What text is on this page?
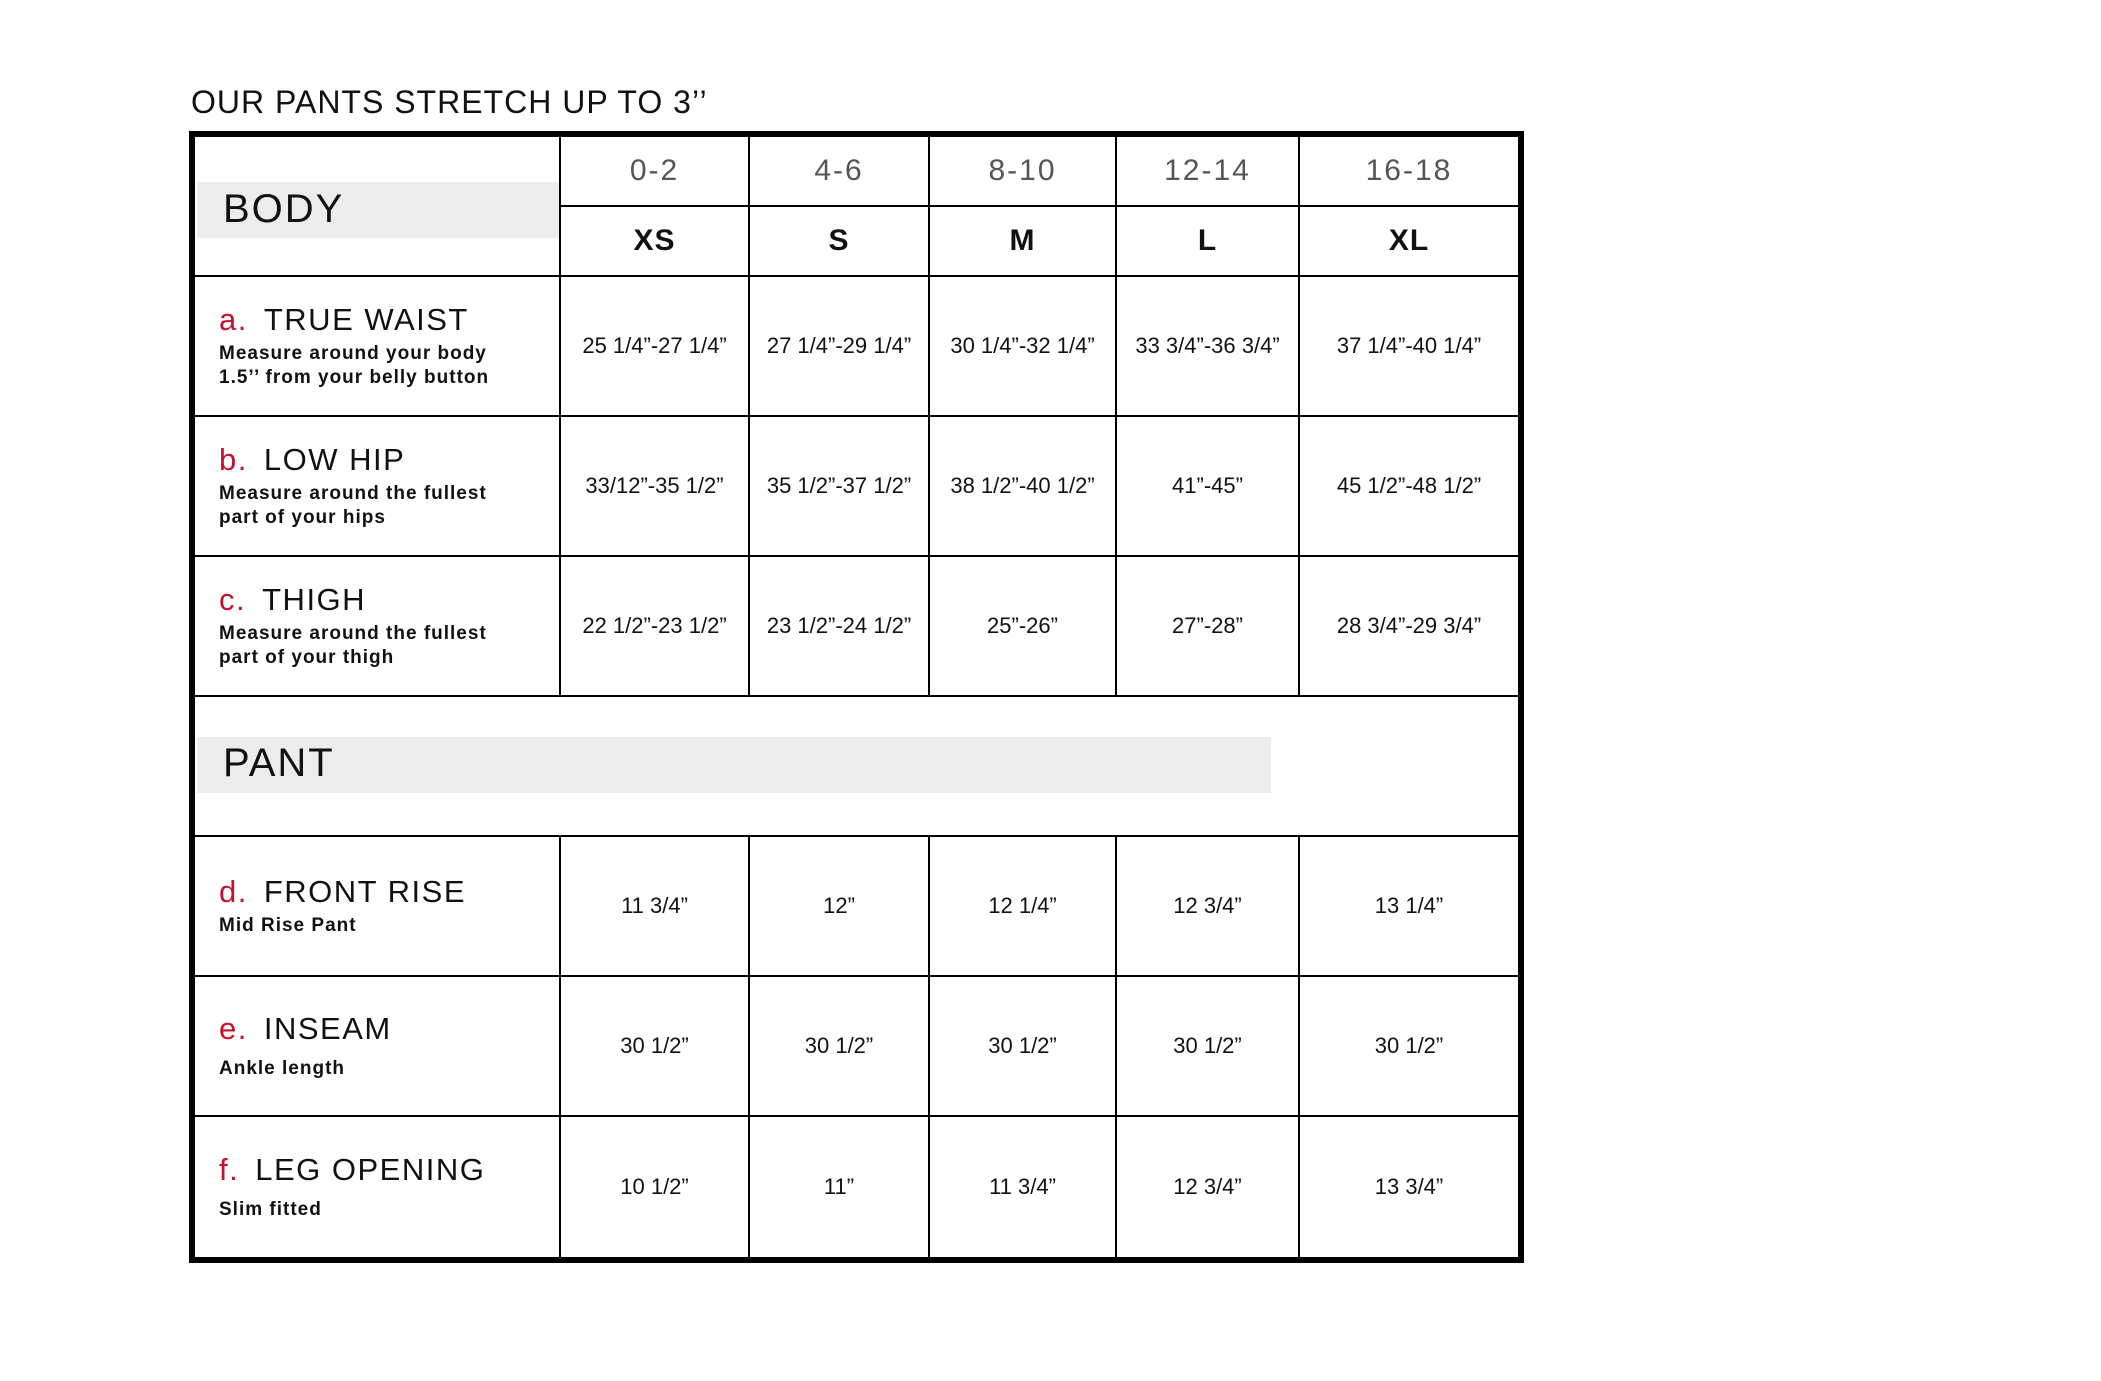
OUR PANTS STRETCH UP TO 3’’
BODY	0-2	4-6	8-10	12-14	16-18
	XS	S	M	L	XL

a. TRUE WAIST
Measure around your body 1.5’’ from your belly button	25 1/4”-27 1/4”	27 1/4”-29 1/4”	30 1/4”-32 1/4”	33 3/4”-36 3/4”	37 1/4”-40 1/4”

b. LOW HIP
Measure around the fullest part of your hips	33/12”-35 1/2”	35 1/2”-37 1/2”	38 1/2”-40 1/2”	41”-45”	45 1/2”-48 1/2”

c. THIGH
Measure around the fullest part of your thigh	22 1/2”-23 1/2”	23 1/2”-24 1/2”	25”-26”	27”-28”	28 3/4”-29 3/4”

PANT					

d. FRONT RISE
Mid Rise Pant	11 3/4”	12”	12 1/4”	12 3/4”	13 1/4”

e. INSEAM
Ankle length	30 1/2”	30 1/2”	30 1/2”	30 1/2”	30 1/2”

f. LEG OPENING
Slim fitted	10 1/2”	11”	11 3/4”	12 3/4”	13 3/4”
